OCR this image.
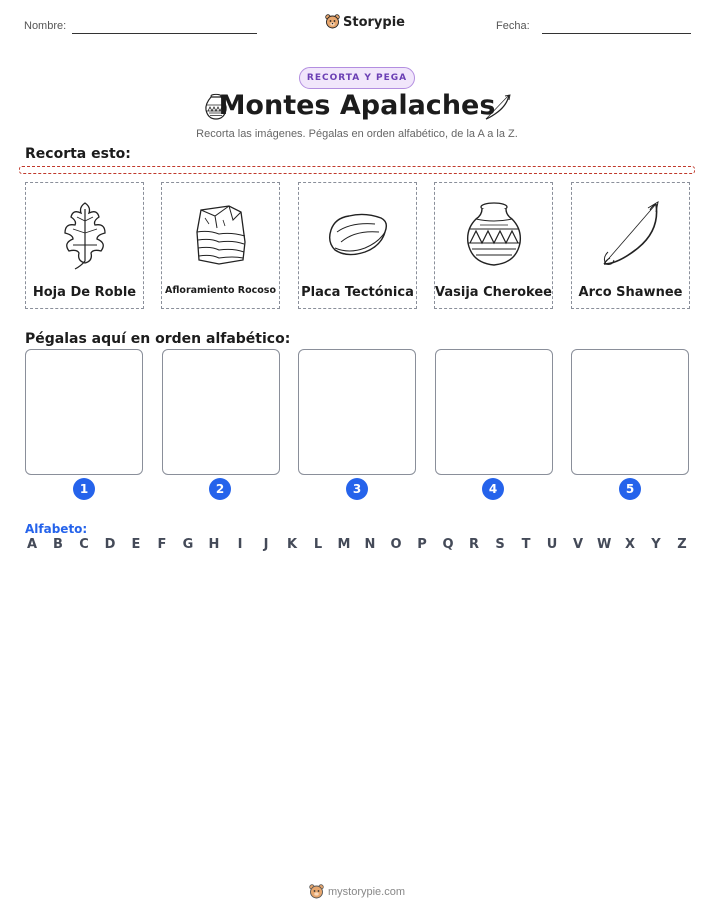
Nombre:	Storypie	Fecha:
RECORTA Y PEGA
Montes Apalaches
Recorta las imágenes. Pégalas en orden alfabético, de la A a la Z.
Recorta esto:
Hoja De Roble	Afloramiento Rocoso Placa Tectónica Vasija Cherokee	Arco Shawnee
Pégalas aquí en orden alfabético:
1	2	3	4	5
Alfabeto:
A B C D E F G H	I	J	K L M N O P Q R S T U V W X Y Z
mystorypie.com
